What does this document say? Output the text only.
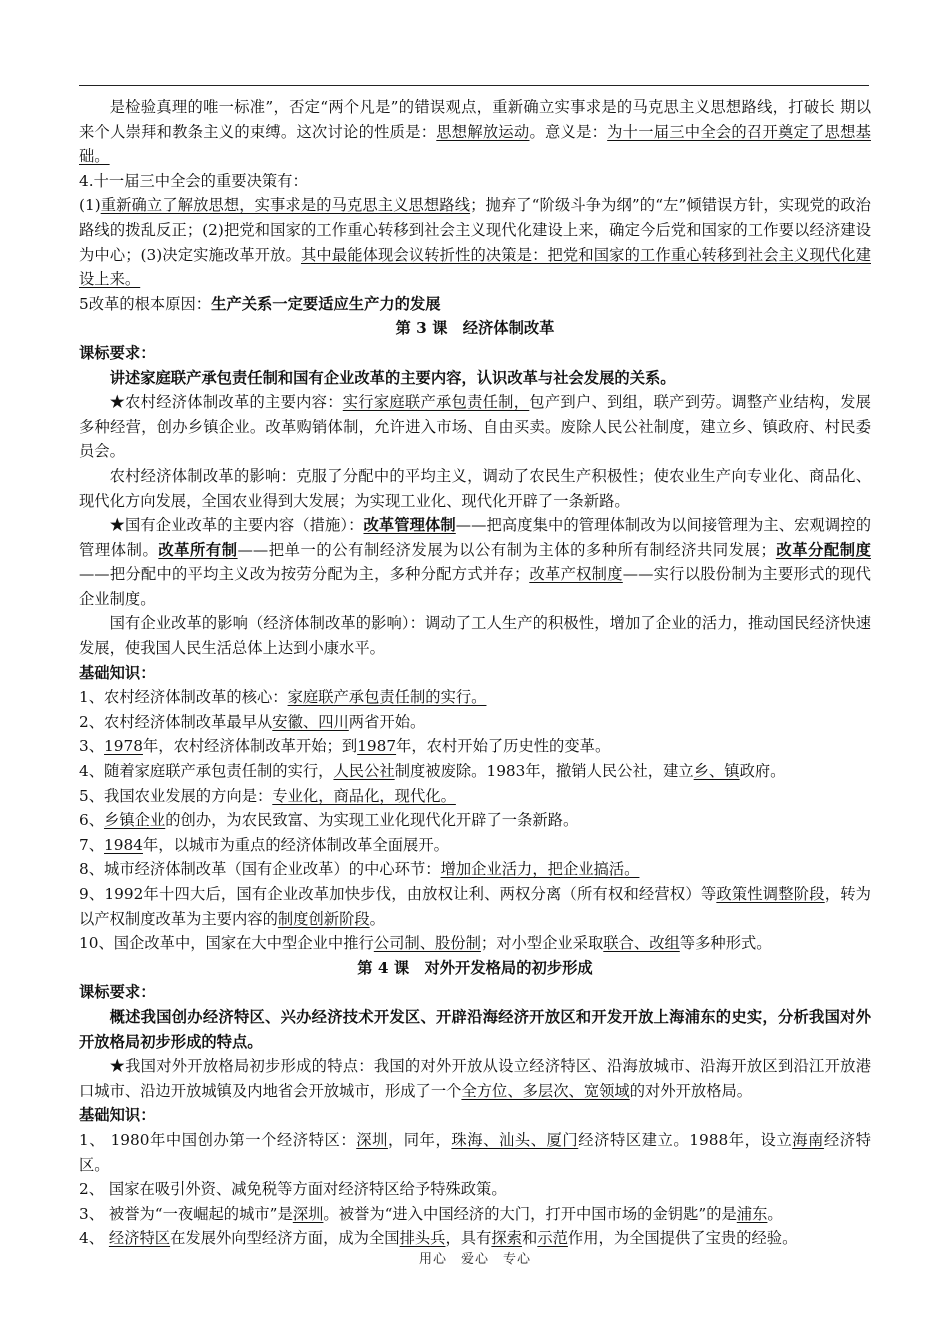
是检验真理的唯一标准”，否定“两个凡是”的错误观点，重新确立实事求是的马克思主义思想路线，打破长 期以来个人崇拜和教条主义的束缚。这次讨论的性质是：思想解放运动。意义是：为十一届三中全会的召开奠定了思想基础。

4.十一届三中全会的重要决策有：

(1)重新确立了解放思想，实事求是的马克思主义思想路线；抛弃了“阶级斗争为纲”的“左”倾错误方针，实现党的政治路线的拨乱反正；(2)把党和国家的工作重心转移到社会主义现代化建设上来，确定今后党和国家的工作要以经济建设为中心；(3)决定实施改革开放。其中最能体现会议转折性的决策是：把党和国家的工作重心转移到社会主义现代化建设上来。

5改革的根本原因：生产关系一定要适应生产力的发展

第 3 课　经济体制改革

课标要求：

讲述家庭联产承包责任制和国有企业改革的主要内容，认识改革与社会发展的关系。

★农村经济体制改革的主要内容：实行家庭联产承包责任制，包产到户、到组，联产到劳。调整产业结构，发展多种经营，创办乡镇企业。改革购销体制，允许进入市场、自由买卖。废除人民公社制度，建立乡、镇政府、村民委员会。

农村经济体制改革的影响：克服了分配中的平均主义，调动了农民生产积极性；使农业生产向专业化、商品化、现代化方向发展，全国农业得到大发展；为实现工业化、现代化开辟了一条新路。

★国有企业改革的主要内容（措施）：改革管理体制——把高度集中的管理体制改为以间接管理为主、宏观调控的管理体制。改革所有制——把单一的公有制经济发展为以公有制为主体的多种所有制经济共同发展；改革分配制度——把分配中的平均主义改为按劳分配为主，多种分配方式并存；改革产权制度——实行以股份制为主要形式的现代企业制度。

国有企业改革的影响（经济体制改革的影响）：调动了工人生产的积极性，增加了企业的活力，推动国民经济快速发展，使我国人民生活总体上达到小康水平。

基础知识：

1、农村经济体制改革的核心：家庭联产承包责任制的实行。

2、农村经济体制改革最早从安徽、四川两省开始。

3、1978年，农村经济体制改革开始；到1987年，农村开始了历史性的变革。

4、随着家庭联产承包责任制的实行，人民公社制度被废除。1983年，撤销人民公社，建立乡、镇政府。

5、我国农业发展的方向是：专业化，商品化，现代化。

6、乡镇企业的创办，为农民致富、为实现工业化现代化开辟了一条新路。

7、1984年，以城市为重点的经济体制改革全面展开。

8、城市经济体制改革（国有企业改革）的中心环节：增加企业活力，把企业搞活。

9、1992年十四大后，国有企业改革加快步伐，由放权让利、两权分离（所有权和经营权）等政策性调整阶段，转为以产权制度改革为主要内容的制度创新阶段。

10、国企改革中，国家在大中型企业中推行公司制、股份制；对小型企业采取联合、改组等多种形式。

第 4 课　对外开发格局的初步形成

课标要求：

概述我国创办经济特区、兴办经济技术开发区、开辟沿海经济开放区和开发开放上海浦东的史实，分析我国对外开放格局初步形成的特点。

★我国对外开放格局初步形成的特点：我国的对外开放从设立经济特区、沿海放城市、沿海开放区到沿江开放港口城市、沿边开放城镇及内地省会开放城市，形成了一个全方位、多层次、宽领域的对外开放格局。

基础知识：

1、 1980年中国创办第一个经济特区：深圳，同年，珠海、汕头、厦门经济特区建立。1988年，设立海南经济特区。

2、 国家在吸引外资、减免税等方面对经济特区给予特殊政策。

3、 被誉为“一夜崛起的城市”是深圳。被誉为“进入中国经济的大门，打开中国市场的金钥匙”的是浦东。

4、 经济特区在发展外向型经济方面，成为全国排头兵，具有探索和示范作用，为全国提供了宝贵的经验。

用心　爱心　专心
